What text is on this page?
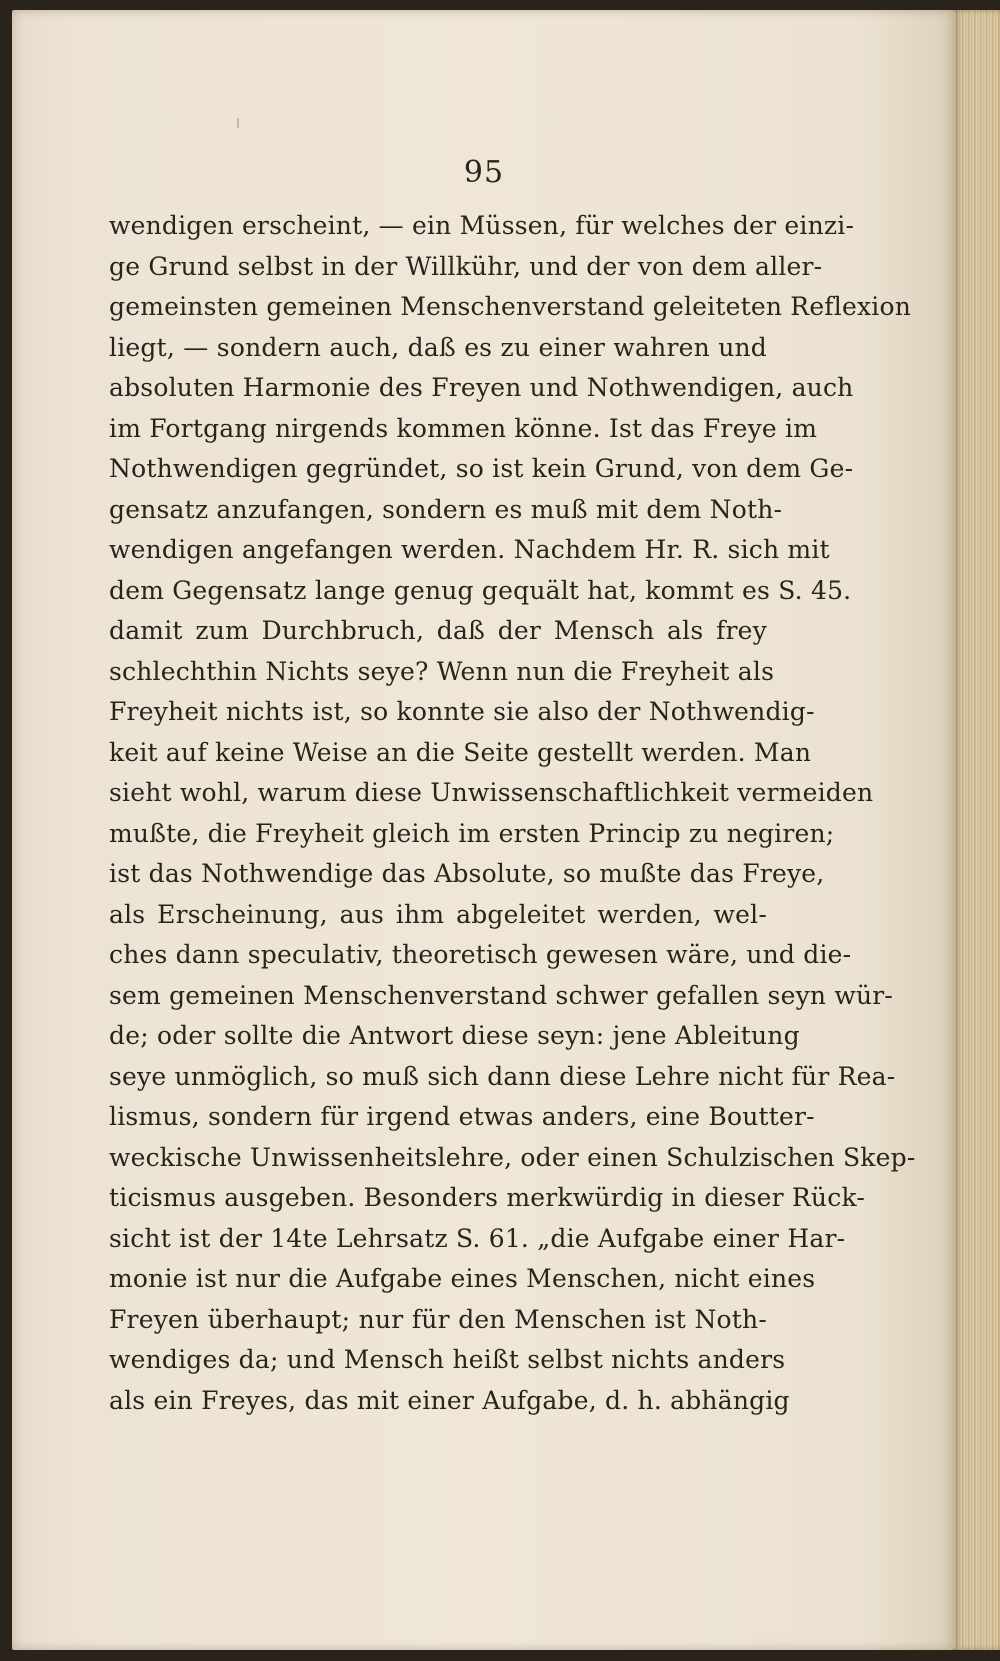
95
wendigen erscheint, — ein Müssen, für welches der einzi-
ge Grund selbst in der Willkühr, und der von dem aller-
gemeinsten gemeinen Menschenverstand geleiteten Reflexion
liegt, — sondern auch, daß es zu einer wahren und
absoluten Harmonie des Freyen und Nothwendigen, auch
im Fortgang nirgends kommen könne. Ist das Freye im
Nothwendigen gegründet, so ist kein Grund, von dem Ge-
gensatz anzufangen, sondern es muß mit dem Noth-
wendigen angefangen werden. Nachdem Hr. R. sich mit
dem Gegensatz lange genug gequält hat, kommt es S. 45.
damit zum Durchbruch, daß der Mensch als frey
schlechthin Nichts seye? Wenn nun die Freyheit als
Freyheit nichts ist, so konnte sie also der Nothwendig-
keit auf keine Weise an die Seite gestellt werden. Man
sieht wohl, warum diese Unwissenschaftlichkeit vermeiden
mußte, die Freyheit gleich im ersten Princip zu negiren;
ist das Nothwendige das Absolute, so mußte das Freye,
als Erscheinung, aus ihm abgeleitet werden, wel-
ches dann speculativ, theoretisch gewesen wäre, und die-
sem gemeinen Menschenverstand schwer gefallen seyn wür-
de; oder sollte die Antwort diese seyn: jene Ableitung
seye unmöglich, so muß sich dann diese Lehre nicht für Rea-
lismus, sondern für irgend etwas anders, eine Boutter-
weckische Unwissenheitslehre, oder einen Schulzischen Skep-
ticismus ausgeben. Besonders merkwürdig in dieser Rück-
sicht ist der 14te Lehrsatz S. 61. „die Aufgabe einer Har-
monie ist nur die Aufgabe eines Menschen, nicht eines
Freyen überhaupt; nur für den Menschen ist Noth-
wendiges da; und Mensch heißt selbst nichts anders
als ein Freyes, das mit einer Aufgabe, d. h. abhängig
